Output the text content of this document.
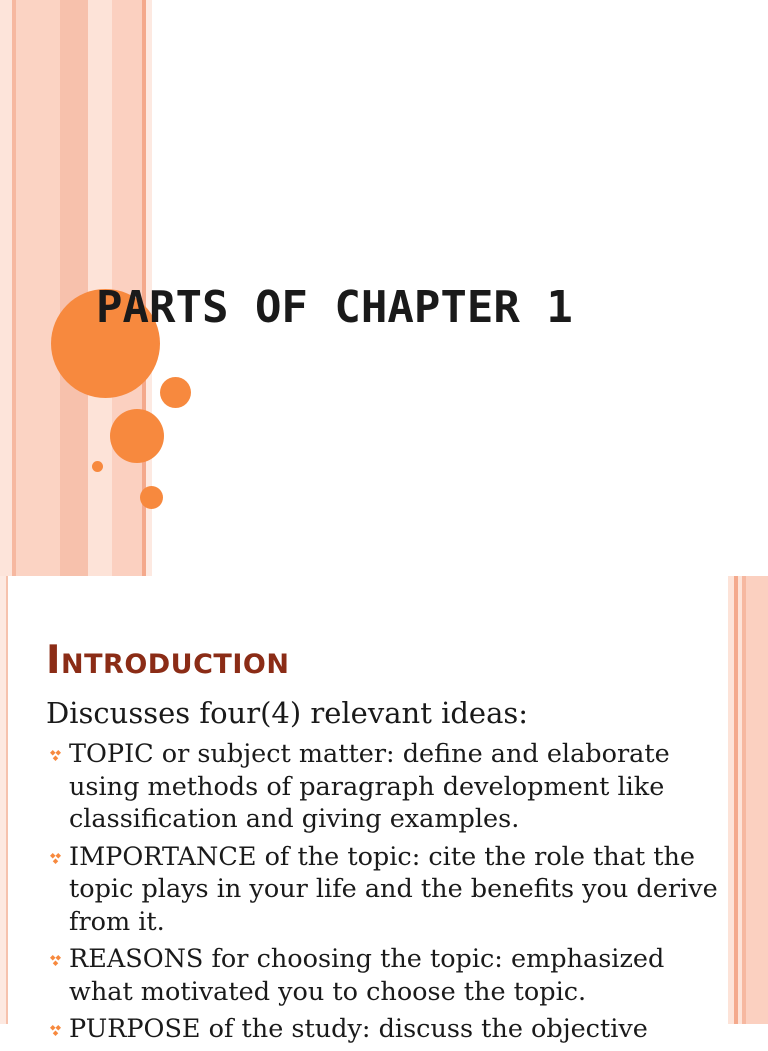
PARTS OF CHAPTER 1
INTRODUCTION

Discusses four(4) relevant ideas:

TOPIC or subject matter: define and elaborate using methods of paragraph development like classification and giving examples.
IMPORTANCE of the topic: cite the role that the topic plays in your life and the benefits you derive from it.
REASONS for choosing the topic: emphasized what motivated you to choose the topic.
PURPOSE of the study: discuss the objective
